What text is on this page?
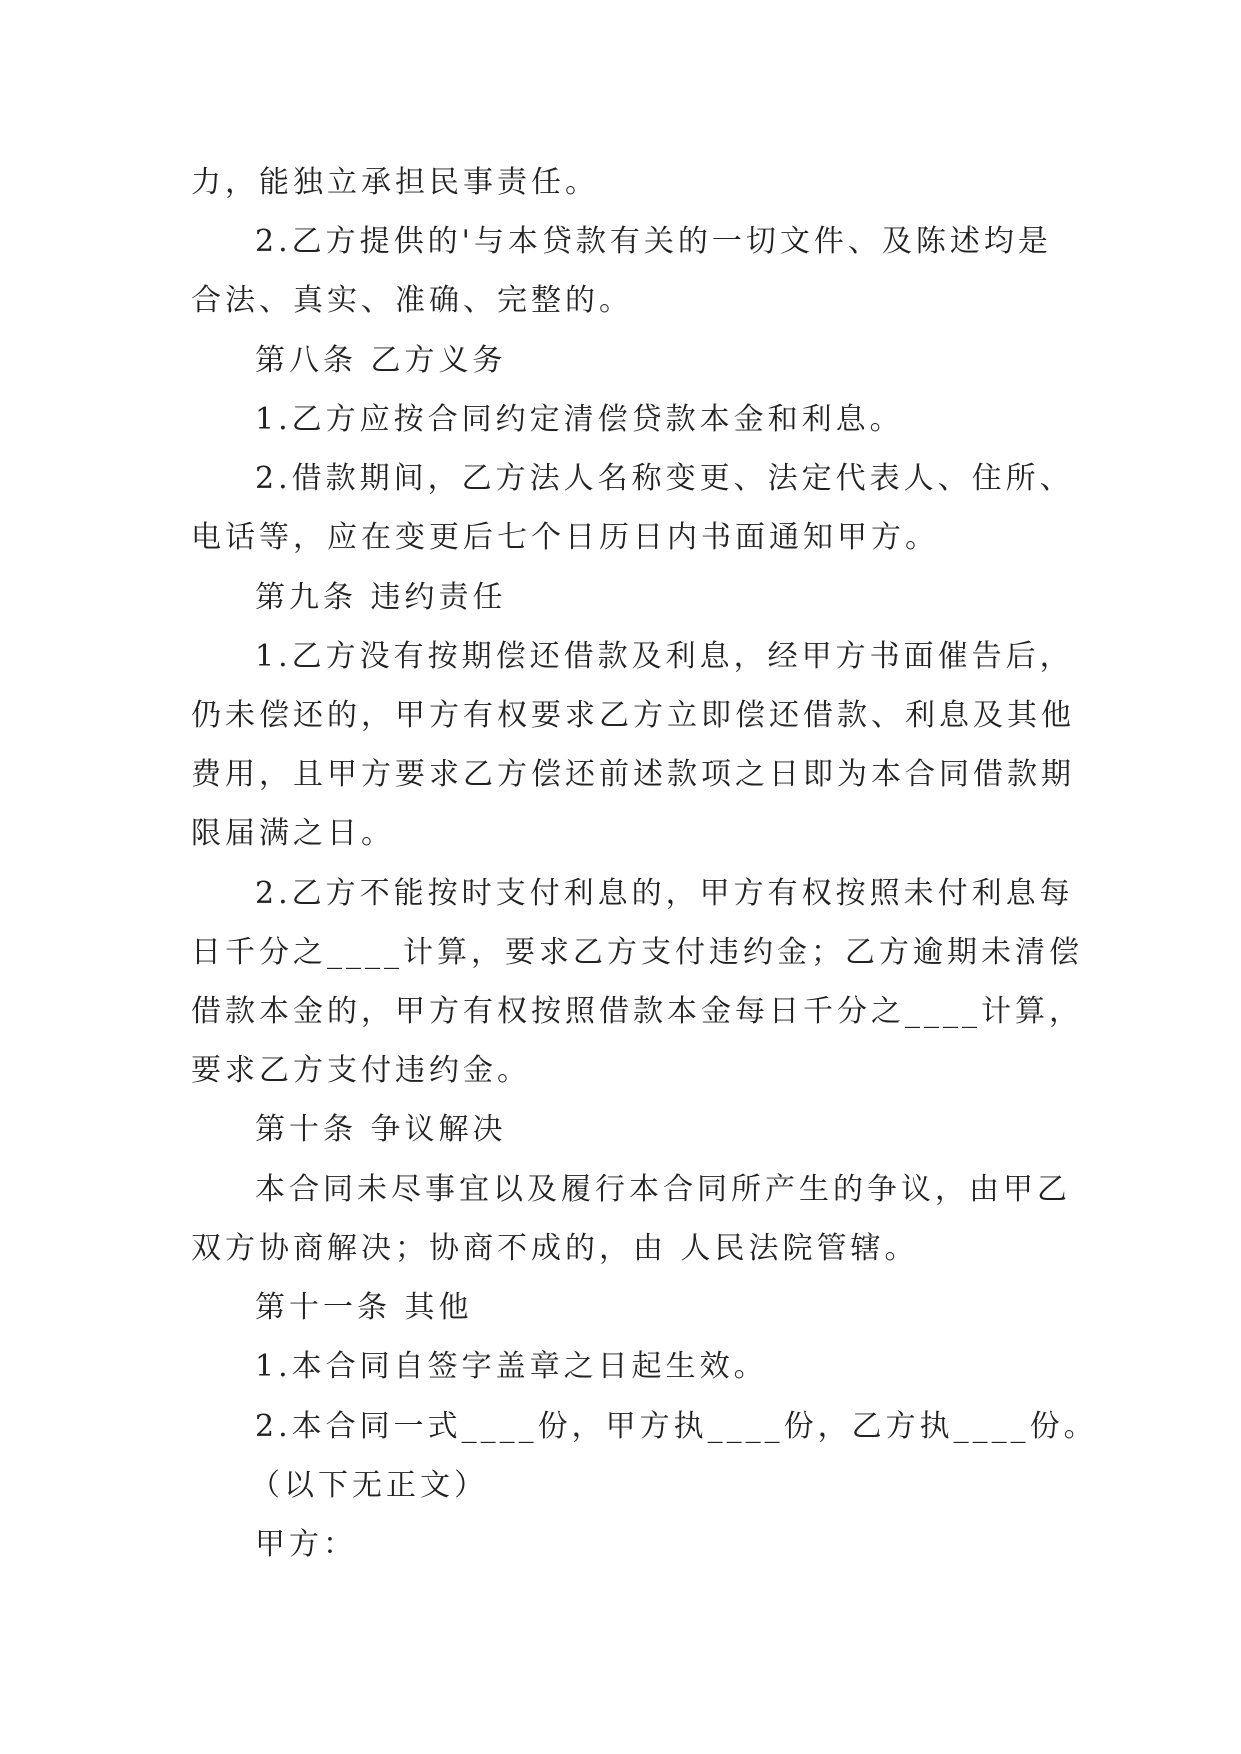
力，能独立承担民事责任。
2.乙方提供的'与本贷款有关的一切文件、及陈述均是
合法、真实、准确、完整的。
第八条 乙方义务
1.乙方应按合同约定清偿贷款本金和利息。
2.借款期间，乙方法人名称变更、法定代表人、住所、
电话等，应在变更后七个日历日内书面通知甲方。
第九条 违约责任
1.乙方没有按期偿还借款及利息，经甲方书面催告后，
仍未偿还的，甲方有权要求乙方立即偿还借款、利息及其他
费用，且甲方要求乙方偿还前述款项之日即为本合同借款期
限届满之日。
2.乙方不能按时支付利息的，甲方有权按照未付利息每
日千分之____计算，要求乙方支付违约金；乙方逾期未清偿
借款本金的，甲方有权按照借款本金每日千分之____计算，
要求乙方支付违约金。
第十条 争议解决
本合同未尽事宜以及履行本合同所产生的争议，由甲乙
双方协商解决；协商不成的，由 人民法院管辖。
第十一条 其他
1.本合同自签字盖章之日起生效。
2.本合同一式____份，甲方执____份，乙方执____份。
（以下无正文）
甲方：
